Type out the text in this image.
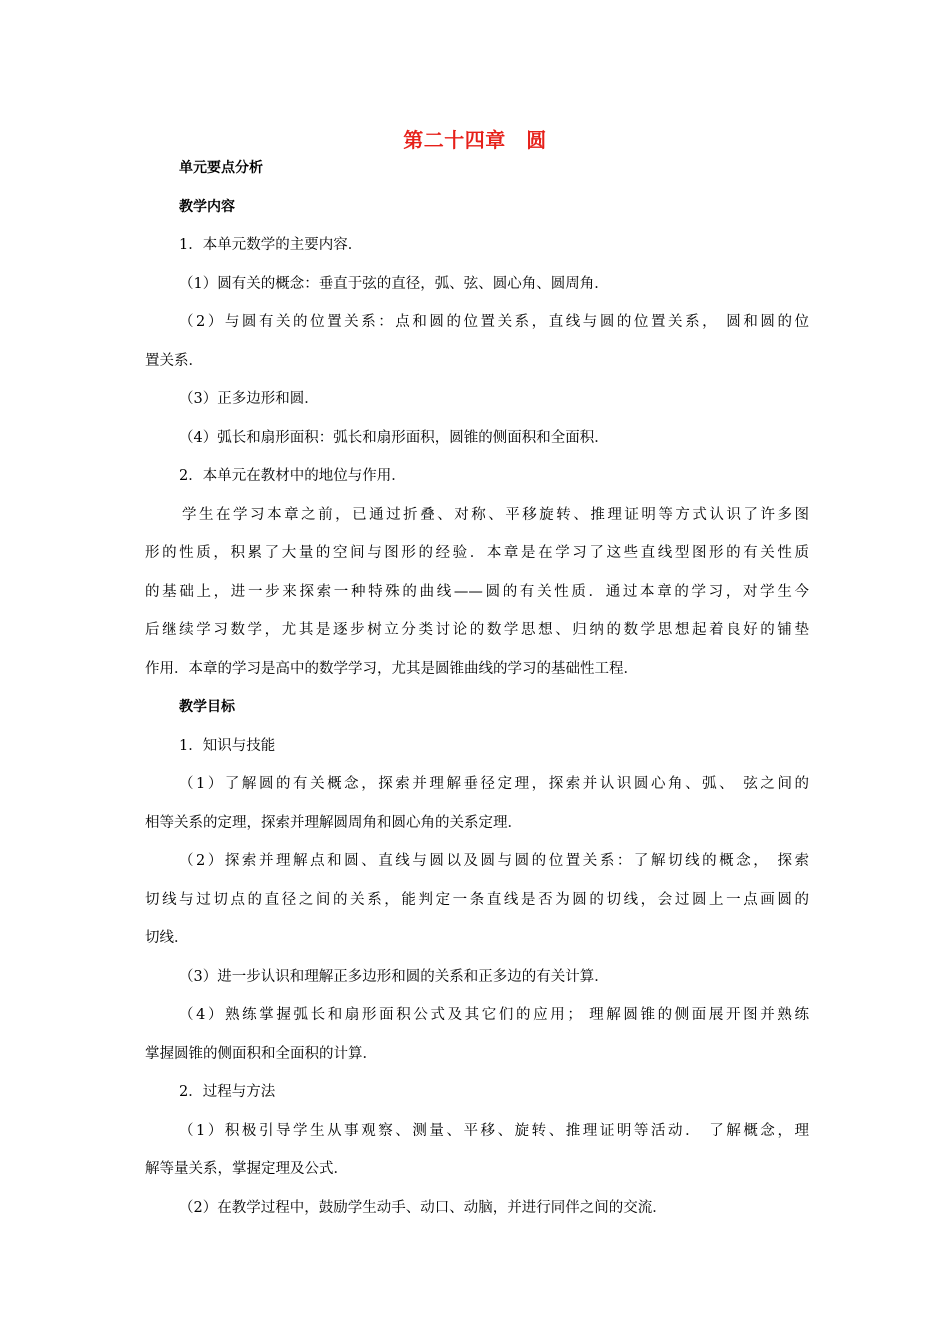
第二十四章　圆
单元要点分析
教学内容
1．本单元数学的主要内容．
（1）圆有关的概念：垂直于弦的直径，弧、弦、圆心角、圆周角．
（2）与圆有关的位置关系：点和圆的位置关系，直线与圆的位置关系， 圆和圆的位
置关系．
（3）正多边形和圆．
（4）弧长和扇形面积：弧长和扇形面积，圆锥的侧面积和全面积．
2．本单元在教材中的地位与作用．
学生在学习本章之前，已通过折叠、对称、平移旋转、推理证明等方式认识了许多图
形的性质，积累了大量的空间与图形的经验．本章是在学习了这些直线型图形的有关性质
的基础上，进一步来探索一种特殊的曲线——圆的有关性质．通过本章的学习，对学生今
后继续学习数学，尤其是逐步树立分类讨论的数学思想、归纳的数学思想起着良好的铺垫
作用．本章的学习是高中的数学学习，尤其是圆锥曲线的学习的基础性工程．
教学目标
1．知识与技能
（1）了解圆的有关概念，探索并理解垂径定理，探索并认识圆心角、弧、 弦之间的
相等关系的定理，探索并理解圆周角和圆心角的关系定理．
（2）探索并理解点和圆、直线与圆以及圆与圆的位置关系：了解切线的概念， 探索
切线与过切点的直径之间的关系，能判定一条直线是否为圆的切线，会过圆上一点画圆的
切线．
（3）进一步认识和理解正多边形和圆的关系和正多边的有关计算．
（4）熟练掌握弧长和扇形面积公式及其它们的应用； 理解圆锥的侧面展开图并熟练
掌握圆锥的侧面积和全面积的计算．
2．过程与方法
（1）积极引导学生从事观察、测量、平移、旋转、推理证明等活动． 了解概念，理
解等量关系，掌握定理及公式．
（2）在教学过程中，鼓励学生动手、动口、动脑，并进行同伴之间的交流．
